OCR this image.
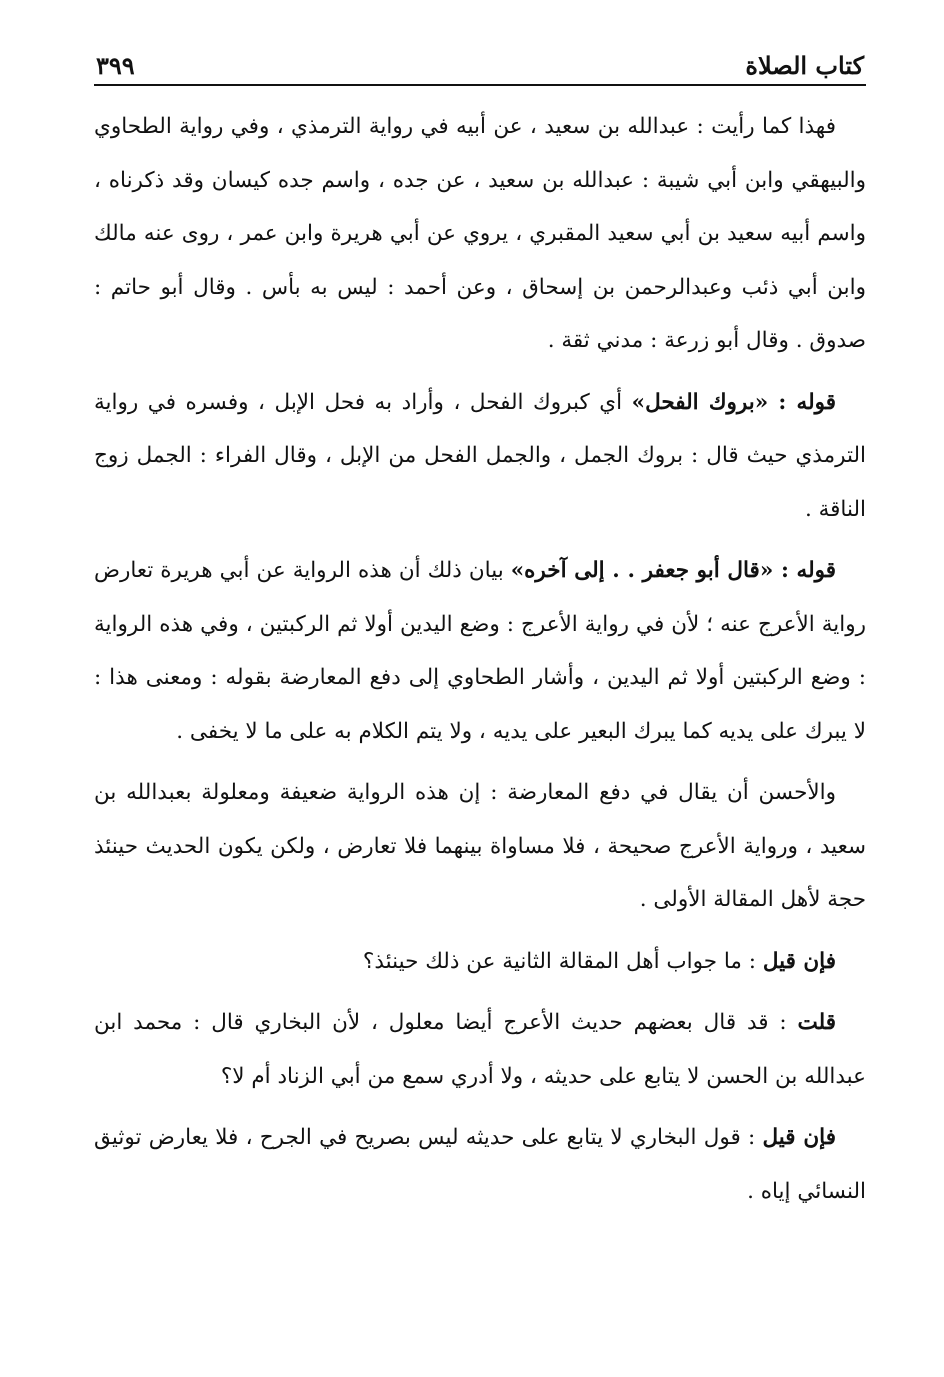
كتاب الصلاة
٣٩٩

فهذا كما رأيت : عبدالله بن سعيد ، عن أبيه في رواية الترمذي ، وفي رواية الطحاوي والبيهقي وابن أبي شيبة : عبدالله بن سعيد ، عن جده ، واسم جده كيسان وقد ذكرناه ، واسم أبيه سعيد بن أبي سعيد المقبري ، يروي عن أبي هريرة وابن عمر ، روى عنه مالك وابن أبي ذئب وعبدالرحمن بن إسحاق ، وعن أحمد : ليس به بأس . وقال أبو حاتم : صدوق . وقال أبو زرعة : مدني ثقة .

قوله : «بروك الفحل» أي كبروك الفحل ، وأراد به فحل الإبل ، وفسره في رواية الترمذي حيث قال : بروك الجمل ، والجمل الفحل من الإبل ، وقال الفراء : الجمل زوج الناقة .

قوله : «قال أبو جعفر . . إلى آخره» بيان ذلك أن هذه الرواية عن أبي هريرة تعارض رواية الأعرج عنه ؛ لأن في رواية الأعرج : وضع اليدين أولا ثم الركبتين ، وفي هذه الرواية : وضع الركبتين أولا ثم اليدين ، وأشار الطحاوي إلى دفع المعارضة بقوله : ومعنى هذا : لا يبرك على يديه كما يبرك البعير على يديه ، ولا يتم الكلام به على ما لا يخفى .

والأحسن أن يقال في دفع المعارضة : إن هذه الرواية ضعيفة ومعلولة بعبدالله بن سعيد ، ورواية الأعرج صحيحة ، فلا مساواة بينهما فلا تعارض ، ولكن يكون الحديث حينئذ حجة لأهل المقالة الأولى .

فإن قيل : ما جواب أهل المقالة الثانية عن ذلك حينئذ؟

قلت : قد قال بعضهم حديث الأعرج أيضا معلول ، لأن البخاري قال : محمد ابن عبدالله بن الحسن لا يتابع على حديثه ، ولا أدري سمع من أبي الزناد أم لا؟

فإن قيل : قول البخاري لا يتابع على حديثه ليس بصريح في الجرح ، فلا يعارض توثيق النسائي إياه .
